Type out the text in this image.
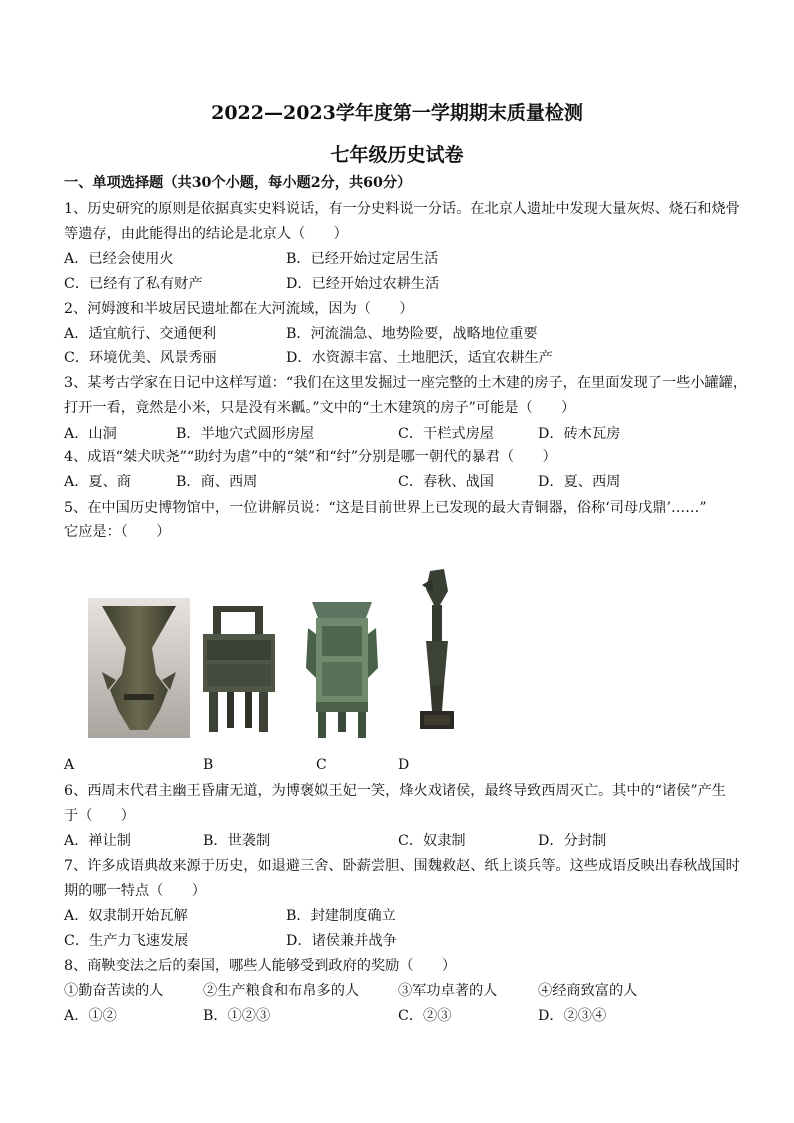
2022—2023学年度第一学期期末质量检测
七年级历史试卷
一、单项选择题（共30个小题，每小题2分，共60分）
1、历史研究的原则是依据真实史料说话，有一分史料说一分话。在北京人遗址中发现大量灰烬、烧石和烧骨
等遗存，由此能得出的结论是北京人（　　）
A．已经会使用火	B．已经开始过定居生活
C．已经有了私有财产	D．已经开始过农耕生活
2、河姆渡和半坡居民遗址都在大河流域，因为（　　）
A．适宜航行、交通便利	B．河流湍急、地势险要，战略地位重要
C．环境优美、风景秀丽	D．水资源丰富、土地肥沃，适宜农耕生产
3、某考古学家在日记中这样写道：“我们在这里发掘过一座完整的土木建的房子，在里面发现了一些小罐罐，
打开一看，竟然是小米，只是没有米瓤。”文中的“土木建筑的房子”可能是（　　）
A．山洞	B．半地穴式圆形房屋	C．干栏式房屋	D．砖木瓦房
4、成语“桀犬吠尧”“助纣为虐”中的“桀”和“纣”分别是哪一朝代的暴君（　　）
A．夏、商	B．商、西周	C．春秋、战国	D．夏、西周
5、在中国历史博物馆中，一位讲解员说：“这是目前世界上已发现的最大青铜器，俗称‘司母戊鼎’……”
它应是：（　　）
A	B	C	D
6、西周末代君主幽王昏庸无道，为博褒姒王妃一笑，烽火戏诸侯，最终导致西周灭亡。其中的“诸侯”产生
于（　　）
A．禅让制	B．世袭制	C．奴隶制	D．分封制
7、许多成语典故来源于历史，如退避三舍、卧薪尝胆、围魏救赵、纸上谈兵等。这些成语反映出春秋战国时
期的哪一特点（　　）
A．奴隶制开始瓦解	B．封建制度确立
C．生产力飞速发展	D．诸侯兼并战争
8、商鞅变法之后的秦国，哪些人能够受到政府的奖励（　　）
①勤奋苦读的人	②生产粮食和布帛多的人	③军功卓著的人	④经商致富的人
A．①②	B．①②③	C．②③	D．②③④
